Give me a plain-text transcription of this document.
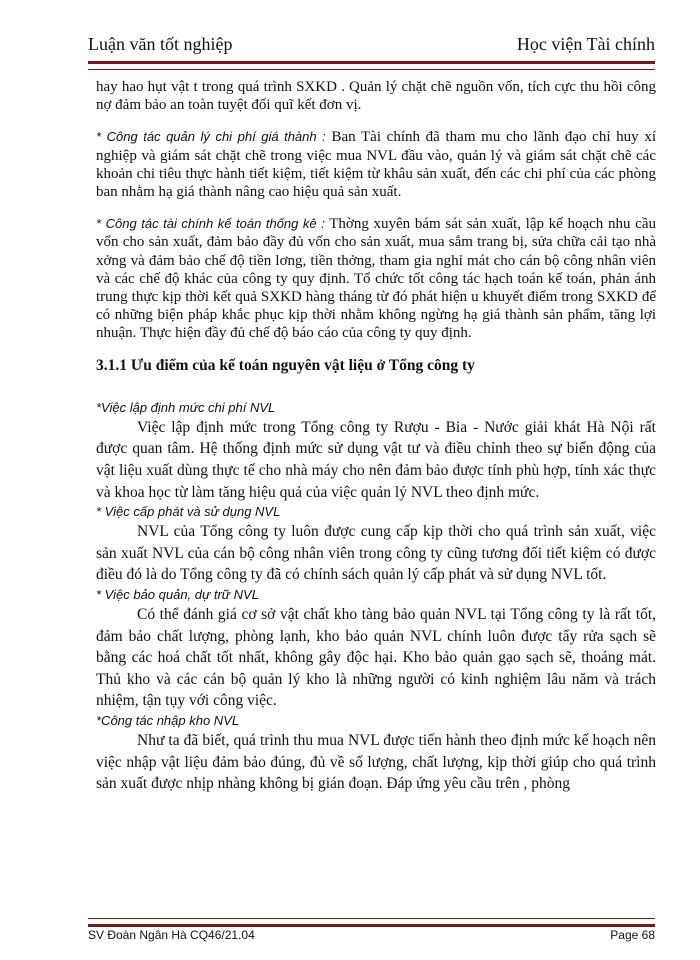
Luận văn tốt nghiệp	Học viện Tài chính

hay hao hụt vật t trong quá trình SXKD . Quản lý chặt chẽ nguồn vốn, tích cực thu hồi công nợ đảm bảo an toàn tuyệt đối quĩ kết đơn vị.

* Công tác quản lý chi phí giá thành : Ban Tài chính đã tham mu cho lãnh đạo chỉ huy xí nghiệp và giám sát chặt chẽ trong việc mua NVL đầu vào, quản lý và giám sát chặt chẽ các khoản chi tiêu thực hành tiết kiệm, tiết kiệm từ khâu sản xuất, đến các chi phí của các phòng ban nhằm hạ giá thành nâng cao hiệu quả sản xuất.

* Công tác tài chính kế toán thống kê : Thờng xuyên bám sát sản xuất, lập kế hoạch nhu cầu vốn cho sản xuất, đảm bảo đầy đủ vốn cho sản xuất, mua sắm trang bị, sửa chữa cải tạo nhà xởng và đảm bảo chế độ tiền lơng, tiền thởng, tham gia nghỉ mát cho cán bộ công nhân viên và các chế độ khác của công ty quy định. Tổ chức tốt công tác hạch toán kế toán, phản ánh trung thực kịp thời kết quả SXKD hàng tháng từ đó phát hiện u khuyết điểm trong SXKD để có những biện pháp khắc phục kịp thời nhằm không ngừng hạ giá thành sản phẩm, tăng lợi nhuận. Thực hiện đầy đủ chế độ báo cáo của công ty quy định.

3.1.1 Ưu điểm của kế toán nguyên vật liệu ở Tổng công ty

*Việc lập định mức chi phí NVL

Việc lập định mức trong Tổng công ty Rượu - Bia - Nước giải khát Hà Nội rất được quan tâm. Hệ thống định mức sử dụng vật tư và điều chỉnh theo sự biến động của vật liệu xuất dùng thực tế cho nhà máy cho nên đảm bảo được tính phù hợp, tính xác thực và khoa học từ làm tăng hiệu quả của việc quản lý NVL theo định mức.

* Việc cấp phát và sử dụng NVL

NVL của Tổng công ty luôn được cung cấp kịp thời cho quá trình sản xuất, việc sản xuất NVL của cán bộ công nhân viên trong công ty cũng tương đối tiết kiệm có được điều đó là do Tổng công ty đã có chính sách quản lý cấp phát và sử dụng NVL tốt.

* Việc bảo quản, dự trữ NVL

Có thể đánh giá cơ sở vật chất kho tàng bảo quản NVL tại Tổng công ty là rất tốt, đảm bảo chất lượng, phòng lạnh, kho bảo quản NVL chính luôn được tẩy rửa sạch sẽ bằng các hoá chất tốt nhất, không gây độc hại. Kho bảo quản gạo sạch sẽ, thoáng mát. Thủ kho và các cán bộ quản lý kho là những người có kinh nghiệm lâu năm và trách nhiệm, tận tụy với công việc.

*Công tác nhập kho NVL

Như ta đã biết, quá trình thu mua NVL được tiến hành theo định mức kế hoạch nên việc nhập vật liệu đảm bảo đúng, đủ về số lượng, chất lượng, kịp thời giúp cho quá trình sản xuất được nhịp nhàng không bị gián đoạn. Đáp ứng yêu cầu trên , phòng

SV Đoàn Ngân Hà CQ46/21.04	Page 68
